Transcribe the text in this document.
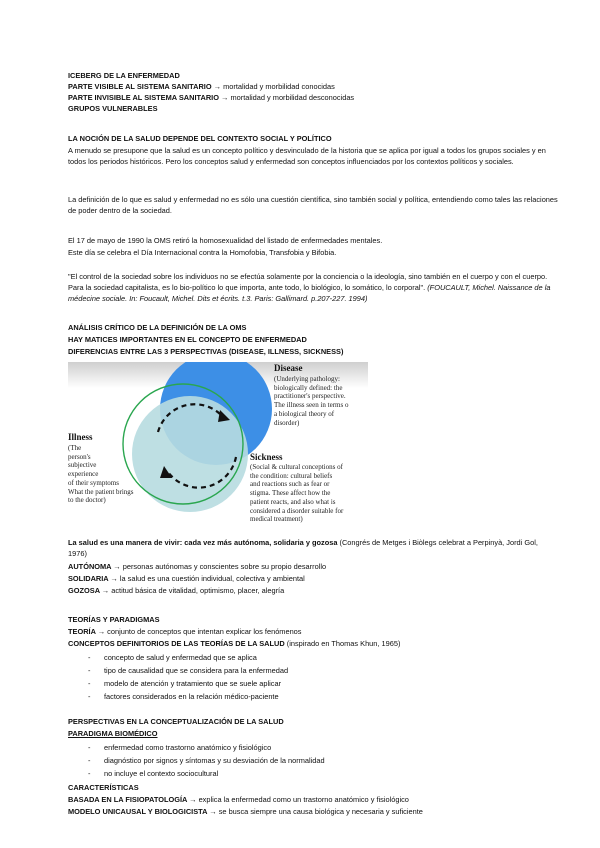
ICEBERG DE LA ENFERMEDAD
PARTE VISIBLE AL SISTEMA SANITARIO → mortalidad y morbilidad conocidas
PARTE INVISIBLE AL SISTEMA SANITARIO → mortalidad y morbilidad desconocidas
GRUPOS VULNERABLES
LA NOCIÓN DE LA SALUD DEPENDE DEL CONTEXTO SOCIAL Y POLÍTICO
A menudo se presupone que la salud es un concepto político y desvinculado de la historia que se aplica por igual a todos los grupos sociales y en todos los periodos históricos. Pero los conceptos salud y enfermedad son conceptos influenciados por los contextos políticos y sociales.
La definición de lo que es salud y enfermedad no es sólo una cuestión científica, sino también social y política, entendiendo como tales las relaciones de poder dentro de la sociedad.
El 17 de mayo de 1990 la OMS retiró la homosexualidad del listado de enfermedades mentales.
Este día se celebra el Día Internacional contra la Homofobia, Transfobia y Bifobia.
"El control de la sociedad sobre los individuos no se efectúa solamente por la conciencia o la ideología, sino también en el cuerpo y con el cuerpo. Para la sociedad capitalista, es lo bio-político lo que importa, ante todo, lo biológico, lo somático, lo corporal". (FOUCAULT, Michel. Naissance de la médecine sociale. In: Foucault, Michel. Dits et écrits. t.3. Paris: Gallimard. p.207-227. 1994)
ANÁLISIS CRÍTICO DE LA DEFINICIÓN DE LA OMS
HAY MATICES IMPORTANTES EN EL CONCEPTO DE ENFERMEDAD
DIFERENCIAS ENTRE LAS 3 PERSPECTIVAS (DISEASE, ILLNESS, SICKNESS)
Disease
(Underlying pathology:
biologically defined: the
practitioner's perspective.
The illness seen in terms o
a biological theory of
disorder)
Illness
(The
person's
subjective
experience
of their symptoms
What the patient brings
to the doctor)
Sickness
(Social & cultural conceptions of
the condition: cultural beliefs
and reactions such as fear or
stigma. These affect how the
patient reacts, and also what is
considered a disorder suitable for
medical treatment)
La salud es una manera de vivir: cada vez más autónoma, solidaria y gozosa (Congrés de Metges i Biòlegs celebrat a Perpinyà, Jordi Gol, 1976)
AUTÓNOMA → personas autónomas y conscientes sobre su propio desarrollo
SOLIDARIA → la salud es una cuestión individual, colectiva y ambiental
GOZOSA → actitud básica de vitalidad, optimismo, placer, alegría
TEORÍAS Y PARADIGMAS
TEORÍA → conjunto de conceptos que intentan explicar los fenómenos
CONCEPTOS DEFINITORIOS DE LAS TEORÍAS DE LA SALUD (inspirado en Thomas Khun, 1965)
- concepto de salud y enfermedad que se aplica
- tipo de causalidad que se considera para la enfermedad
- modelo de atención y tratamiento que se suele aplicar
- factores considerados en la relación médico-paciente
PERSPECTIVAS EN LA CONCEPTUALIZACIÓN DE LA SALUD
PARADIGMA BIOMÉDICO
- enfermedad como trastorno anatómico y fisiológico
- diagnóstico por signos y síntomas y su desviación de la normalidad
- no incluye el contexto sociocultural
CARACTERÍSTICAS
BASADA EN LA FISIOPATOLOGÍA → explica la enfermedad como un trastorno anatómico y fisiológico
MODELO UNICAUSAL Y BIOLOGICISTA → se busca siempre una causa biológica y necesaria y suficiente
